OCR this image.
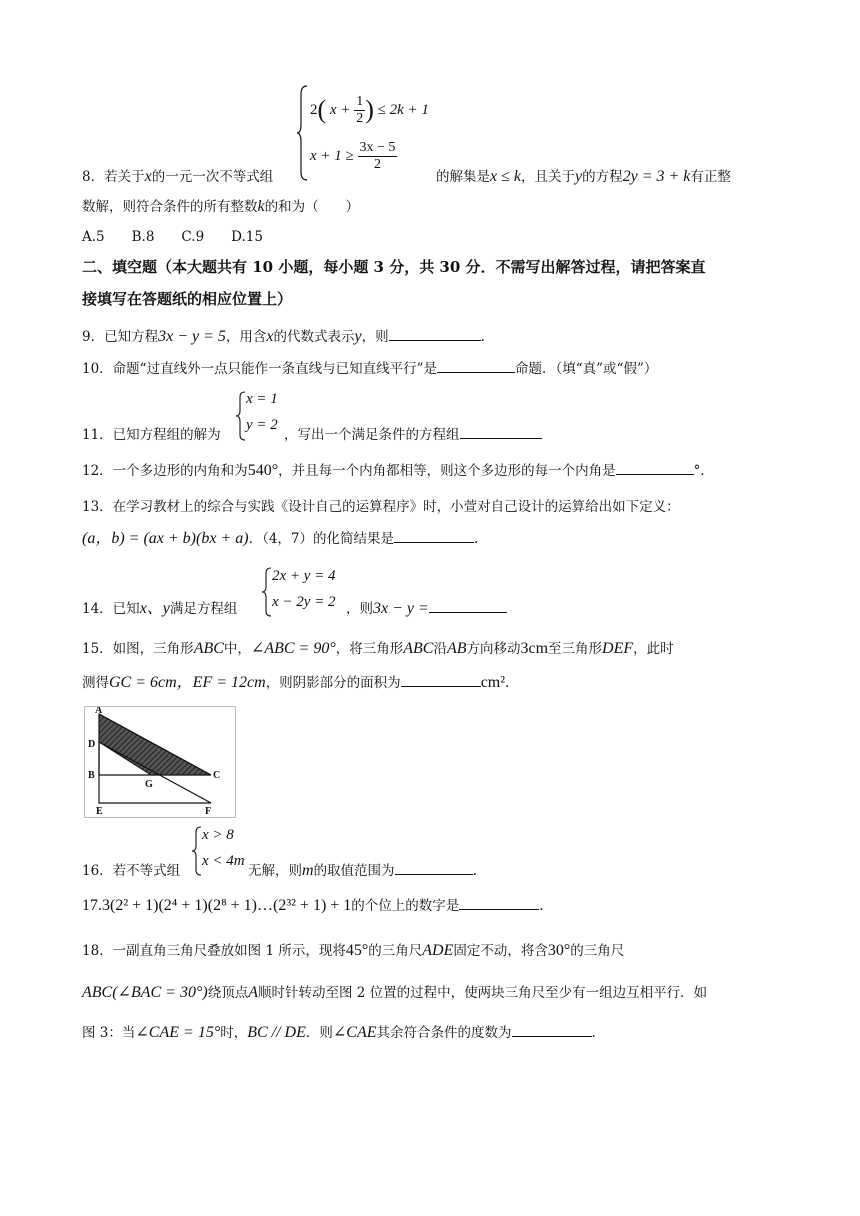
2( $x + \frac{1}{2}$ ) ≤ 2k + 1
$x + 1 \ge \frac{3x - 5}{2}$
8．若关于x的一元一次不等式组	的解集是x ≤ k，且关于y的方程2y = 3 + k有正整
数解，则符合条件的所有整数k的和为（　　）
A.5　　B.8　　C.9　　D.15
二、填空题（本大题共有 10 小题，每小题 3 分，共 30 分．不需写出解答过程，请把答案直
接填写在答题纸的相应位置上）
9．已知方程3x − y = 5，用含x的代数式表示y，则	.
10．命题“过直线外一点只能作一条直线与已知直线平行”是	命题．（填“真”或“假”）
x = 1
y = 2
11．已知方程组的解为	，写出一个满足条件的方程组
12．一个多边形的内角和为540°，并且每一个内角都相等，则这个多边形的每一个内角是	°．
13．在学习教材上的综合与实践《设计自己的运算程序》时，小萱对自己设计的运算给出如下定义：
(a，b) = (ax + b)(bx + a)．（4，7）的化简结果是	.
2x + y = 4
x − 2y = 2
14．已知x、y满足方程组	，则3x − y =
15．如图，三角形ABC中，∠ABC = 90°，将三角形ABC沿AB方向移动3cm至三角形DEF，此时
测得GC = 6cm，EF = 12cm，则阴影部分的面积为	cm².
A
D
B
G
C
E	F
x > 8
x < 4m
16．若不等式组	无解，则m的取值范围为	.
17.3(2² + 1)(2⁴ + 1)(2⁸ + 1)…(2³² + 1) + 1的个位上的数字是	.
18．一副直角三角尺叠放如图 1 所示，现将45°的三角尺ADE固定不动，将含30°的三角尺
ABC(∠BAC = 30°)绕顶点A顺时针转动至图 2 位置的过程中，使两块三角尺至少有一组边互相平行．如
图 3：当∠CAE = 15°时，BC // DE．则∠CAE其余符合条件的度数为	.
